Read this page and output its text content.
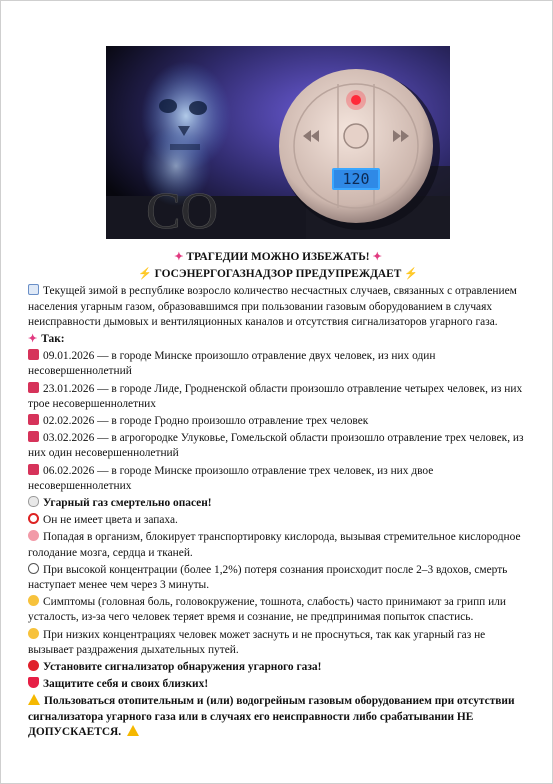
120
CO
✦ ТРАГЕДИИ МОЖНО ИЗБЕЖАТЬ! ✦
⚡ ГОСЭНЕРГОГАЗНАДЗОР ПРЕДУПРЕЖДАЕТ ⚡
Текущей зимой в республике возросло количество несчастных случаев, связанных с отравлением населения угарным газом, образовавшимся при пользовании газовым оборудованием в случаях неисправности дымовых и вентиляционных каналов и отсутствия сигнализаторов угарного газа.
✦ Так:
09.01.2026 — в городе Минске произошло отравление двух человек, из них один несовершеннолетний
23.01.2026 — в городе Лиде, Гродненской области произошло отравление четырех человек, из них трое несовершеннолетних
02.02.2026 — в городе Гродно произошло отравление трех человек
03.02.2026 — в агрогородке Улуковье, Гомельской области произошло отравление трех человек, из них один несовершеннолетний
06.02.2026 — в городе Минске произошло отравление трех человек, из них двое несовершеннолетних
Угарный газ смертельно опасен!
Он не имеет цвета и запаха.
Попадая в организм, блокирует транспортировку кислорода, вызывая стремительное кислородное голодание мозга, сердца и тканей.
При высокой концентрации (более 1,2%) потеря сознания происходит после 2–3 вдохов, смерть наступает менее чем через 3 минуты.
Симптомы (головная боль, головокружение, тошнота, слабость) часто принимают за грипп или усталость, из-за чего человек теряет время и сознание, не предпринимая попыток спастись.
При низких концентрациях человек может заснуть и не проснуться, так как угарный газ не вызывает раздражения дыхательных путей.
Установите сигнализатор обнаружения угарного газа!
Защитите себя и своих близких!
Пользоваться отопительным и (или) водогрейным газовым оборудованием при отсутствии сигнализатора угарного газа или в случаях его неисправности либо срабатывании НЕ ДОПУСКАЕТСЯ.
